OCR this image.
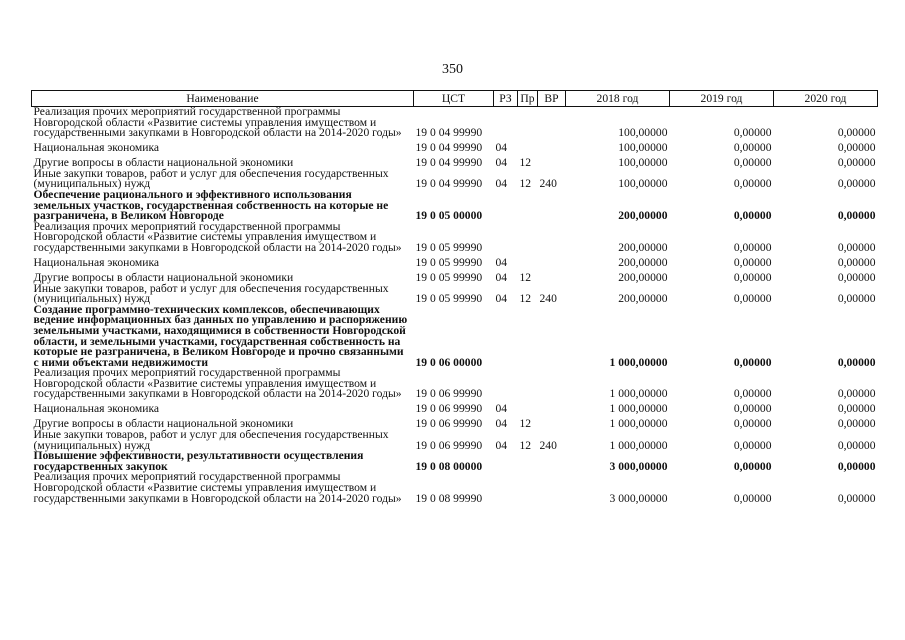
350
Наименование	ЦСТ	РЗ	Пр	ВР	2018 год	2019 год	2020 год
Реализация прочих мероприятий государственной программы Новгородской области «Развитие системы управления имуществом и государственными закупками в Новгородской области на 2014-2020 годы»	19 0 04 99990				100,00000	0,00000	0,00000
Национальная экономика	19 0 04 99990	04			100,00000	0,00000	0,00000
Другие вопросы в области национальной экономики	19 0 04 99990	04	12		100,00000	0,00000	0,00000
Иные закупки товаров, работ и услуг для обеспечения государственных (муниципальных) нужд	19 0 04 99990	04	12	240	100,00000	0,00000	0,00000
Обеспечение рационального и эффективного использования земельных участков, государственная собственность на которые не разграничена, в Великом Новгороде	19 0 05 00000				200,00000	0,00000	0,00000
Реализация прочих мероприятий государственной программы Новгородской области «Развитие системы управления имуществом и государственными закупками в Новгородской области на 2014-2020 годы»	19 0 05 99990				200,00000	0,00000	0,00000
Национальная экономика	19 0 05 99990	04			200,00000	0,00000	0,00000
Другие вопросы в области национальной экономики	19 0 05 99990	04	12		200,00000	0,00000	0,00000
Иные закупки товаров, работ и услуг для обеспечения государственных (муниципальных) нужд	19 0 05 99990	04	12	240	200,00000	0,00000	0,00000
Создание программно-технических комплексов, обеспечивающих ведение информационных баз данных по управлению и распоряжению земельными участками, находящимися в собственности Новгородской области, и земельными участками, государственная собственность на которые не разграничена, в Великом Новгороде и прочно связанными с ними объектами недвижимости	19 0 06 00000				1 000,00000	0,00000	0,00000
Реализация прочих мероприятий государственной программы Новгородской области «Развитие системы управления имуществом и государственными закупками в Новгородской области на 2014-2020 годы»	19 0 06 99990				1 000,00000	0,00000	0,00000
Национальная экономика	19 0 06 99990	04			1 000,00000	0,00000	0,00000
Другие вопросы в области национальной экономики	19 0 06 99990	04	12		1 000,00000	0,00000	0,00000
Иные закупки товаров, работ и услуг для обеспечения государственных (муниципальных) нужд	19 0 06 99990	04	12	240	1 000,00000	0,00000	0,00000
Повышение эффективности, результативности осуществления государственных закупок	19 0 08 00000				3 000,00000	0,00000	0,00000
Реализация прочих мероприятий государственной программы Новгородской области «Развитие системы управления имуществом и государственными закупками в Новгородской области на 2014-2020 годы»	19 0 08 99990				3 000,00000	0,00000	0,00000
